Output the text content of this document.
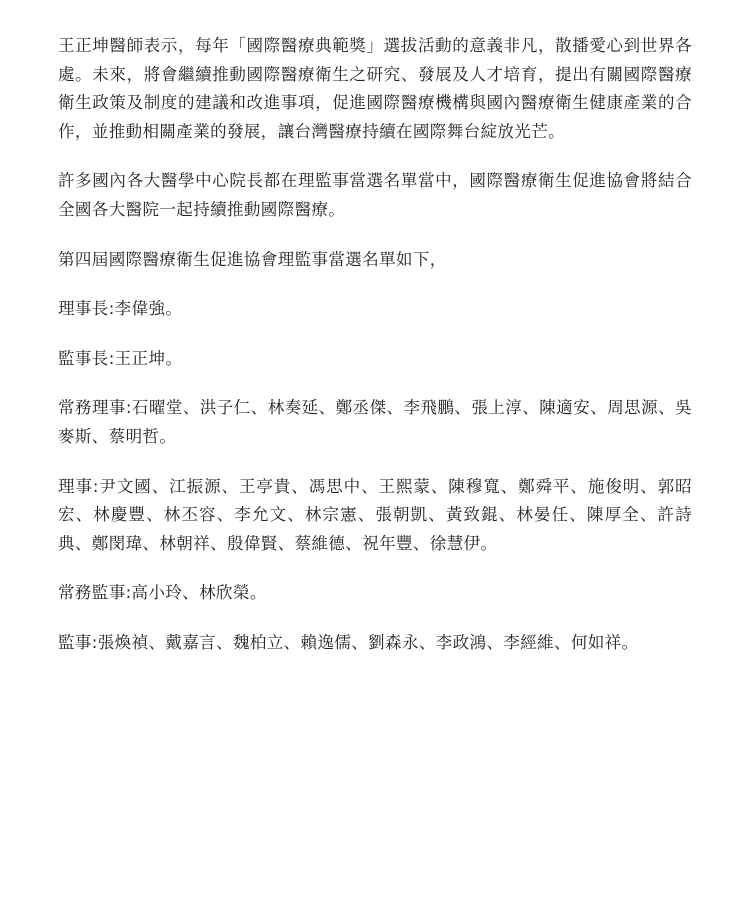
王正坤醫師表示，每年「國際醫療典範獎」選拔活動的意義非凡，散播愛心到世界各處。未來，將會繼續推動國際醫療衛生之研究、發展及人才培育，提出有關國際醫療衛生政策及制度的建議和改進事項，促進國際醫療機構與國內醫療衛生健康產業的合作，並推動相關產業的發展，讓台灣醫療持續在國際舞台綻放光芒。

許多國內各大醫學中心院長都在理監事當選名單當中，國際醫療衛生促進協會將結合全國各大醫院一起持續推動國際醫療。

第四屆國際醫療衛生促進協會理監事當選名單如下，

理事長:李偉強。

監事長:王正坤。

常務理事:石曜堂、洪子仁、林奏延、鄭丞傑、李飛鵬、張上淳、陳適安、周思源、吳麥斯、蔡明哲。

理事:尹文國、江振源、王亭貴、馮思中、王熙蒙、陳穆寬、鄭舜平、施俊明、郭昭宏、林慶豐、林丕容、李允文、林宗憲、張朝凱、黃致錕、林晏任、陳厚全、許詩典、鄭閔瑋、林朝祥、殷偉賢、蔡維德、祝年豐、徐慧伊。

常務監事:高小玲、林欣榮。

監事:張煥禎、戴嘉言、魏柏立、賴逸儒、劉森永、李政鴻、李經維、何如祥。
